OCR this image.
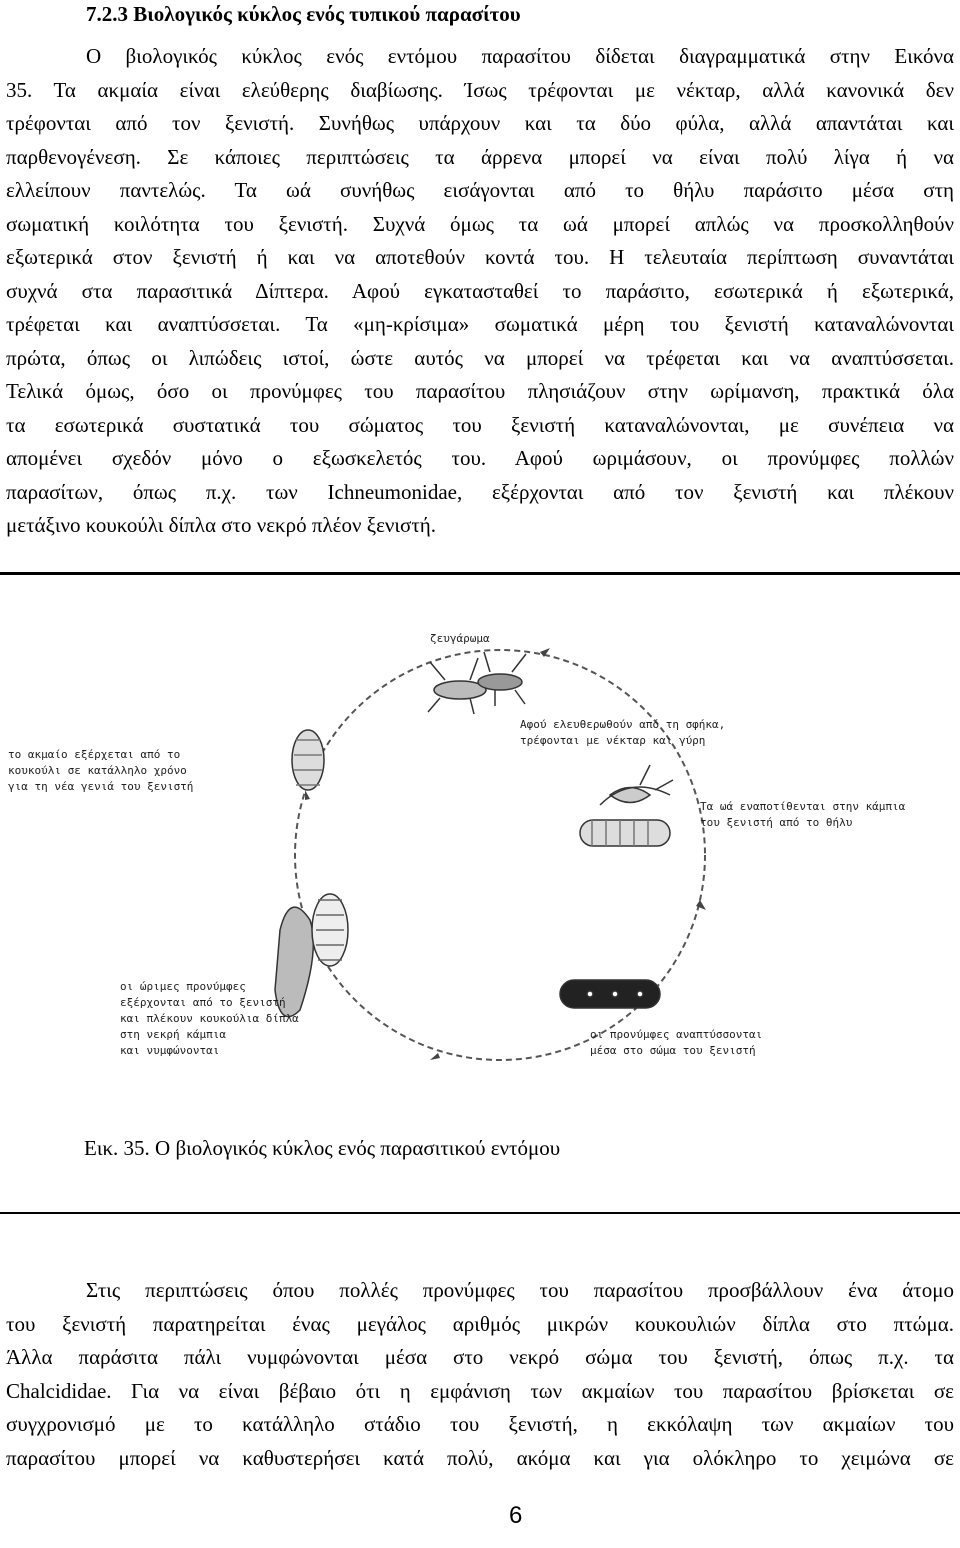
7.2.3 Βιολογικός κύκλος ενός τυπικού παρασίτου
Ο βιολογικός κύκλος ενός εντόμου παρασίτου δίδεται διαγραμματικά στην Εικόνα
35. Τα ακμαία είναι ελεύθερης διαβίωσης. Ίσως τρέφονται με νέκταρ, αλλά κανονικά δεν
τρέφονται από τον ξενιστή. Συνήθως υπάρχουν και τα δύο φύλα, αλλά απαντάται και
παρθενογένεση. Σε κάποιες περιπτώσεις τα άρρενα μπορεί να είναι πολύ λίγα ή να
ελλείπουν παντελώς. Τα ωά συνήθως εισάγονται από το θήλυ παράσιτο μέσα στη
σωματική κοιλότητα του ξενιστή. Συχνά όμως τα ωά μπορεί απλώς να προσκολληθούν
εξωτερικά στον ξενιστή ή και να αποτεθούν κοντά του. Η τελευταία περίπτωση συναντάται
συχνά στα παρασιτικά Δίπτερα. Αφού εγκατασταθεί το παράσιτο, εσωτερικά ή εξωτερικά,
τρέφεται και αναπτύσσεται. Τα «μη-κρίσιμα» σωματικά μέρη του ξενιστή καταναλώνονται
πρώτα, όπως οι λιπώδεις ιστοί, ώστε αυτός να μπορεί να τρέφεται και να αναπτύσσεται.
Τελικά όμως, όσο οι προνύμφες του παρασίτου πλησιάζουν στην ωρίμανση, πρακτικά όλα
τα εσωτερικά συστατικά του σώματος του ξενιστή καταναλώνονται, με συνέπεια να
απομένει σχεδόν μόνο ο εξωσκελετός του. Αφού ωριμάσουν, οι προνύμφες πολλών
παρασίτων, όπως π.χ. των Ichneumonidae, εξέρχονται από τον ξενιστή και πλέκουν
μετάξινο κουκούλι δίπλα στο νεκρό πλέον ξενιστή.
ζευγάρωμα
Αφού ελευθερωθούν από τη σφήκα,
τρέφονται με νέκταρ και γύρη
το ακμαίο εξέρχεται από το
κουκούλι σε κατάλληλο χρόνο
για τη νέα γενιά του ξενιστή
Τα ωά εναποτίθενται στην κάμπια
του ξενιστή από το θήλυ
οι προνύμφες αναπτύσσονται
μέσα στο σώμα του ξενιστή
οι ώριμες προνύμφες
εξέρχονται από το ξενιστή
και πλέκουν κουκούλια δίπλα
στη νεκρή κάμπια
και νυμφώνονται
Εικ. 35. Ο βιολογικός κύκλος ενός παρασιτικού εντόμου
Στις περιπτώσεις όπου πολλές προνύμφες του παρασίτου προσβάλλουν ένα άτομο
του ξενιστή παρατηρείται ένας μεγάλος αριθμός μικρών κουκουλιών δίπλα στο πτώμα.
Άλλα παράσιτα πάλι νυμφώνονται μέσα στο νεκρό σώμα του ξενιστή, όπως π.χ. τα
Chalcididae. Για να είναι βέβαιο ότι η εμφάνιση των ακμαίων του παρασίτου βρίσκεται σε
συγχρονισμό με το κατάλληλο στάδιο του ξενιστή, η εκκόλαψη των ακμαίων του
παρασίτου μπορεί να καθυστερήσει κατά πολύ, ακόμα και για ολόκληρο το χειμώνα σε
6
